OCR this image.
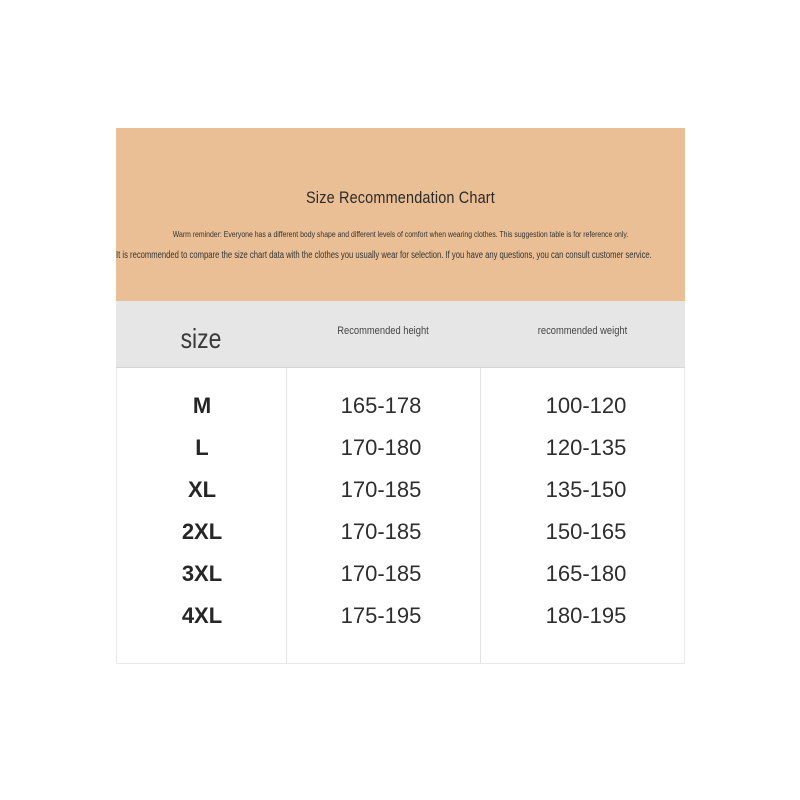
Size Recommendation Chart
Warm reminder: Everyone has a different body shape and different levels of comfort when wearing clothes. This suggestion table is for reference only.
It is recommended to compare the size chart data with the clothes you usually wear for selection. If you have any questions, you can consult customer service.
size	Recommended height	recommended weight
M	165-178	100-120
L	170-180	120-135
XL	170-185	135-150
2XL	170-185	150-165
3XL	170-185	165-180
4XL	175-195	180-195
